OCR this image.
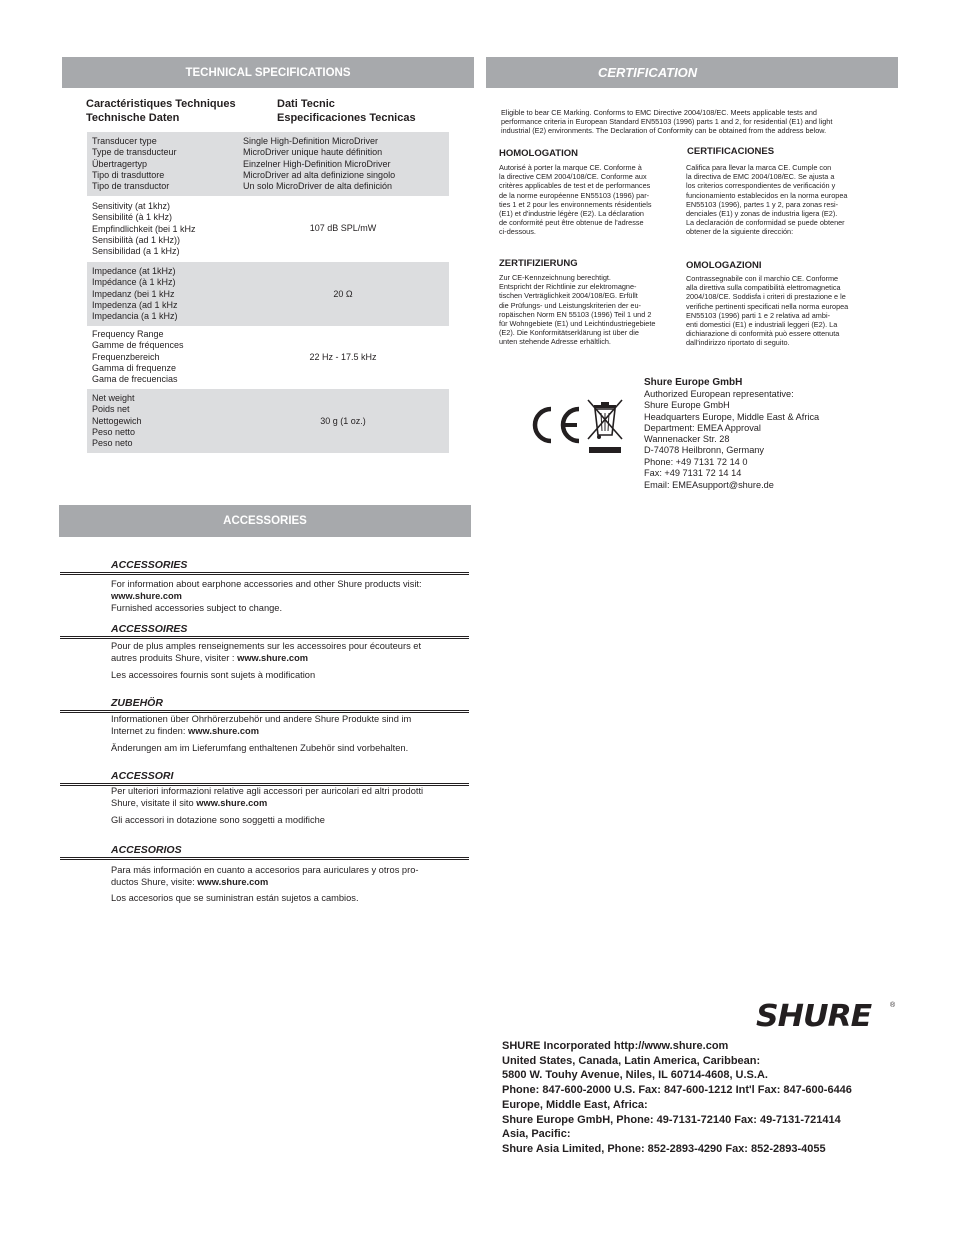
TECHNICAL SPECIFICATIONS
Caractéristiques Techniques
Technische Daten
Dati Tecnic
Especificaciones Tecnicas
Transducer type
Type de transducteur
Übertragertyp
Tipo di trasduttore
Tipo de transductor
Single High-Definition MicroDriver
MicroDriver unique haute définition
Einzelner High-Definition MicroDriver
MicroDriver ad alta definizione singolo
Un solo MicroDriver de alta definición
Sensitivity (at 1khz)
Sensibilité (à 1 kHz)
Empfindlichkeit (bei 1 kHz
Sensibilità (ad 1 kHz))
Sensibilidad (a 1 kHz)
107 dB SPL/mW
Impedance (at 1kHz)
Impédance (à 1 kHz)
Impedanz (bei 1 kHz
Impedenza (ad 1 kHz
Impedancia (a 1 kHz)
20 Ω
Frequency Range
Gamme de fréquences
Frequenzbereich
Gamma di frequenze
Gama de frecuencias
22 Hz - 17.5 kHz
Net weight
Poids net
Nettogewich
Peso netto
Peso neto
30 g (1 oz.)
CERTIFICATION
Eligible to bear CE Marking. Conforms to EMC Directive 2004/108/EC. Meets applicable tests and
performance criteria in European Standard EN55103 (1996) parts 1 and 2, for residential (E1) and light
industrial (E2) environments. The Declaration of Conformity can be obtained from the address below.
HOMOLOGATION
Autorisé à porter la marque CE. Conforme à
la directive CEM 2004/108/CE. Conforme aux
critères applicables de test et de performances
de la norme européenne EN55103 (1996) par-
ties 1 et 2 pour les environnements résidentiels
(E1) et d'industrie légère (E2). La déclaration
de conformité peut être obtenue de l'adresse
ci-dessous.
CERTIFICACIONES
Califica para llevar la marca CE. Cumple con
la directiva de EMC 2004/108/EC. Se ajusta a
los criterios correspondientes de verificación y
funcionamiento establecidos en la norma europea
EN55103 (1996), partes 1 y 2, para zonas resi-
denciales (E1) y zonas de industria ligera (E2).
La declaración de conformidad se puede obtener
obtener de la siguiente dirección:
ZERTIFIZIERUNG
Zur CE-Kennzeichnung berechtigt.
Entspricht der Richtlinie zur elektromagne-
tischen Verträglichkeit 2004/108/EG. Erfüllt
die Prüfungs- und Leistungskriterien der eu-
ropäischen Norm EN 55103 (1996) Teil 1 und 2
für Wohngebiete (E1) und Leichtindustriegebiete
(E2). Die Konformitätserklärung ist über die
unten stehende Adresse erhältlich.
OMOLOGAZIONI
Contrassegnabile con il marchio CE. Conforme
alla direttiva sulla compatibilità elettromagnetica
2004/108/CE. Soddisfa i criteri di prestazione e le
verifiche pertinenti specificati nella norma europea
EN55103 (1996) parti 1 e 2 relativa ad ambi-
enti domestici (E1) e industriali leggeri (E2). La
dichiarazione di conformità può essere ottenuta
dall'indirizzo riportato di seguito.
Shure Europe GmbH
Authorized European representative:
Shure Europe GmbH
Headquarters Europe, Middle East & Africa
Department: EMEA Approval
Wannenacker Str. 28
D-74078 Heilbronn, Germany
Phone: +49 7131 72 14 0
Fax: +49 7131 72 14 14
Email: EMEAsupport@shure.de
ACCESSORIES
ACCESSORIES
For information about earphone accessories and other Shure products visit:
www.shure.com
Furnished accessories subject to change.
ACCESSOIRES
Pour de plus amples renseignements sur les accessoires pour écouteurs et
autres produits Shure, visiter : www.shure.com
Les accessoires fournis sont sujets à modification
ZUBEHÖR
Informationen über Ohrhörerzubehör und andere Shure Produkte sind im
Internet zu finden: www.shure.com
Änderungen am im Lieferumfang enthaltenen Zubehör sind vorbehalten.
ACCESSORI
Per ulteriori informazioni relative agli accessori per auricolari ed altri prodotti
Shure, visitate il sito www.shure.com
Gli accessori in dotazione sono soggetti a modifiche
ACCESORIOS
Para más información en cuanto a accesorios para auriculares y otros pro-
ductos Shure, visite: www.shure.com
Los accesorios que se suministran están sujetos a cambios.
SHURE	®
SHURE Incorporated http://www.shure.com
United States, Canada, Latin America, Caribbean:
5800 W. Touhy Avenue, Niles, IL 60714-4608, U.S.A.
Phone: 847-600-2000 U.S. Fax: 847-600-1212 Int'l Fax: 847-600-6446
Europe, Middle East, Africa:
Shure Europe GmbH, Phone: 49-7131-72140 Fax: 49-7131-721414
Asia, Pacific:
Shure Asia Limited, Phone: 852-2893-4290 Fax: 852-2893-4055
